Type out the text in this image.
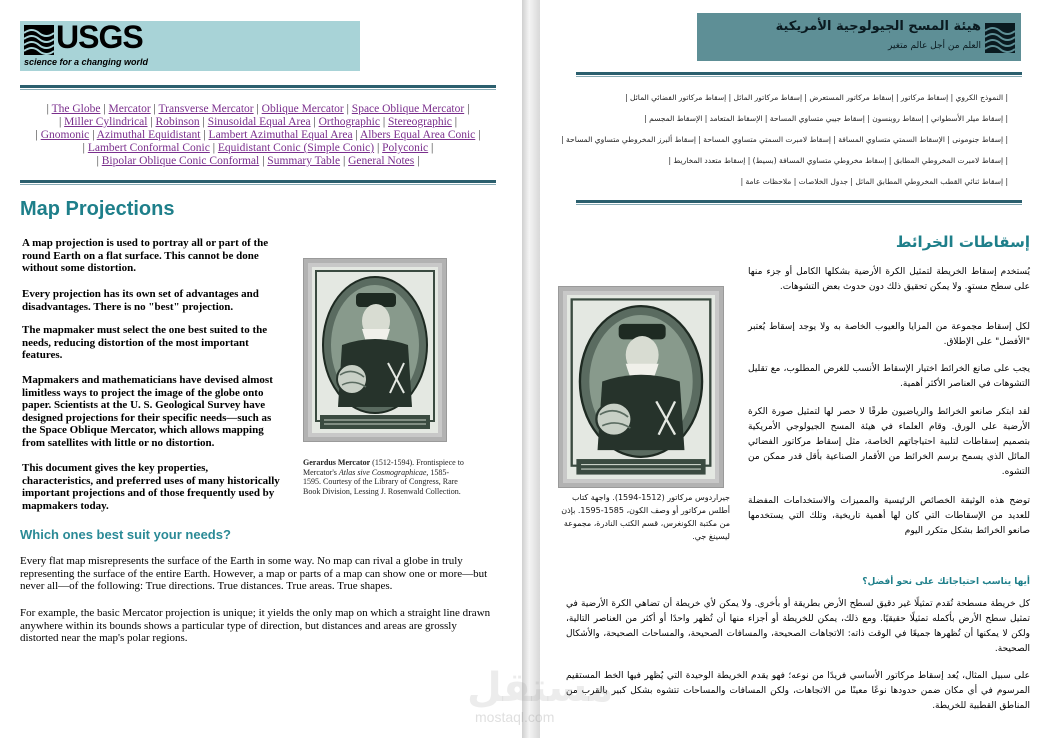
USGS
science for a changing world
| The Globe | Mercator | Transverse Mercator | Oblique Mercator | Space Oblique Mercator |
| Miller Cylindrical | Robinson | Sinusoidal Equal Area | Orthographic | Stereographic |
| Gnomonic | Azimuthal Equidistant | Lambert Azimuthal Equal Area | Albers Equal Area Conic |
| Lambert Conformal Conic | Equidistant Conic (Simple Conic) | Polyconic |
| Bipolar Oblique Conic Conformal | Summary Table | General Notes |
Map Projections
A map projection is used to portray all or part of the round Earth on a flat surface. This cannot be done without some distortion.
Every projection has its own set of advantages and disadvantages. There is no "best" projection.
The mapmaker must select the one best suited to the needs, reducing distortion of the most important features.
Mapmakers and mathematicians have devised almost limitless ways to project the image of the globe onto paper. Scientists at the U. S. Geological Survey have designed projections for their specific needs—such as the Space Oblique Mercator, which allows mapping from satellites with little or no distortion.
This document gives the key properties, characteristics, and preferred uses of many historically important projections and of those frequently used by mapmakers today.
Gerardus Mercator (1512-1594). Frontispiece to Mercator's Atlas sive Cosmographicae, 1585-1595. Courtesy of the Library of Congress, Rare Book Division, Lessing J. Rosenwald Collection.
Which ones best suit your needs?
Every flat map misrepresents the surface of the Earth in some way. No map can rival a globe in truly representing the surface of the entire Earth. However, a map or parts of a map can show one or more—but never all—of the following: True directions. True distances. True areas. True shapes.
For example, the basic Mercator projection is unique; it yields the only map on which a straight line drawn anywhere within its bounds shows a particular type of direction, but distances and areas are grossly distorted near the map's polar regions.
هيئة المسح الجيولوجية الأمريكية
العلم من أجل عالم متغير
| النموذج الكروي | إسقاط مركاتور | إسقاط مركاتور المستعرض | إسقاط مركاتور المائل | إسقاط مركاتور الفضائي المائل |
| إسقاط ميلر الأسطواني | إسقاط روبنسون | إسقاط جيبي متساوي المساحة | الإسقاط المتعامد | الإسقاط المجسم |
| إسقاط جنومونى | الإسقاط السمتي متساوي المسافة | إسقاط لامبرت السمتي متساوي المساحة | إسقاط ألبرز المخروطي متساوي المساحة |
| إسقاط لامبرت المخروطي المطابق | إسقاط مخروطي متساوي المسافة (بسيط) | إسقاط متعدد المخاريط |
| إسقاط ثنائي القطب المخروطي المطابق المائل | جدول الخلاصات | ملاحظات عامة |
إسقاطات الخرائط
يُستخدم إسقاط الخريطة لتمثيل الكرة الأرضية بشكلها الكامل أو جزء منها على سطح مستوٍ. ولا يمكن تحقيق ذلك دون حدوث بعض التشوهات.
لكل إسقاط مجموعة من المزايا والعيوب الخاصة به ولا يوجد إسقاط يُعتبر "الأفضل" على الإطلاق.
يجب على صانع الخرائط اختيار الإسقاط الأنسب للغرض المطلوب، مع تقليل التشوهات في العناصر الأكثر أهمية.
لقد ابتكر صانعو الخرائط والرياضيون طرقًا لا حصر لها لتمثيل صورة الكرة الأرضية على الورق. وقام العلماء في هيئة المسح الجيولوجي الأمريكية بتصميم إسقاطات لتلبية احتياجاتهم الخاصة، مثل إسقاط مركاتور الفضائي المائل الذي يسمح برسم الخرائط من الأقمار الصناعية بأقل قدر ممكن من التشوه.
توضح هذه الوثيقة الخصائص الرئيسية والمميزات والاستخدامات المفضلة للعديد من الإسقاطات التي كان لها أهمية تاريخية، وتلك التي يستخدمها صانعو الخرائط بشكل متكرر اليوم
جيراردوس مركاتور (1512-1594). واجهة كتاب أطلس مركاتور أو وصف الكون، 1585-1595. بإذن من مكتبة الكونغرس، قسم الكتب النادرة، مجموعة ليسينغ جي.
أيها يناسب احتياجاتك على نحو أفضل؟
كل خريطة مسطحة تُقدم تمثيلًا غير دقيق لسطح الأرض بطريقة أو بأخرى. ولا يمكن لأي خريطة أن تضاهي الكرة الأرضية في تمثيل سطح الأرض بأكمله تمثيلًا حقيقيًا. ومع ذلك، يمكن للخريطة أو أجزاء منها أن تُظهر واحدًا أو أكثر من العناصر التالية، ولكن لا يمكنها أن تُظهرها جميعًا في الوقت ذاته: الاتجاهات الصحيحة، والمسافات الصحيحة، والمساحات الصحيحة، والأشكال الصحيحة.
على سبيل المثال، يُعد إسقاط مركاتور الأساسي فريدًا من نوعه؛ فهو يقدم الخريطة الوحيدة التي يُظهر فيها الخط المستقيم المرسوم في أي مكان ضمن حدودها نوعًا معينًا من الاتجاهات، ولكن المسافات والمساحات تتشوه بشكل كبير بالقرب من المناطق القطبية للخريطة.
مستقل
mostaql.com
